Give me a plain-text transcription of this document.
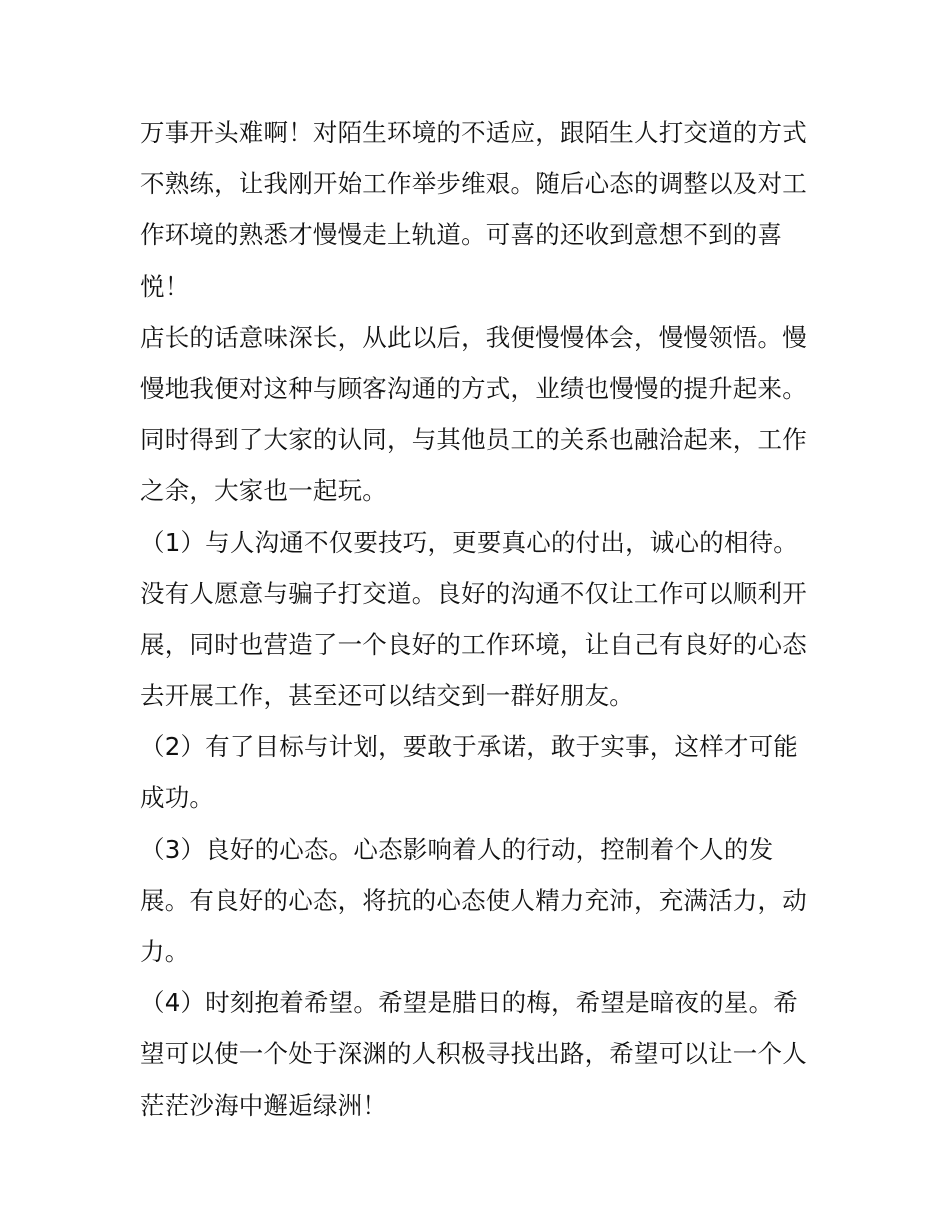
万事开头难啊！对陌生环境的不适应，跟陌生人打交道的方式
不熟练，让我刚开始工作举步维艰。随后心态的调整以及对工
作环境的熟悉才慢慢走上轨道。可喜的还收到意想不到的喜
悦！
店长的话意味深长，从此以后，我便慢慢体会，慢慢领悟。慢
慢地我便对这种与顾客沟通的方式，业绩也慢慢的提升起来。
同时得到了大家的认同，与其他员工的关系也融洽起来，工作
之余，大家也一起玩。
（1）与人沟通不仅要技巧，更要真心的付出，诚心的相待。
没有人愿意与骗子打交道。良好的沟通不仅让工作可以顺利开
展，同时也营造了一个良好的工作环境，让自己有良好的心态
去开展工作，甚至还可以结交到一群好朋友。
（2）有了目标与计划，要敢于承诺，敢于实事，这样才可能
成功。
（3）良好的心态。心态影响着人的行动，控制着个人的发
展。有良好的心态，将抗的心态使人精力充沛，充满活力，动
力。
（4）时刻抱着希望。希望是腊日的梅，希望是暗夜的星。希
望可以使一个处于深渊的人积极寻找出路，希望可以让一个人
茫茫沙海中邂逅绿洲！
